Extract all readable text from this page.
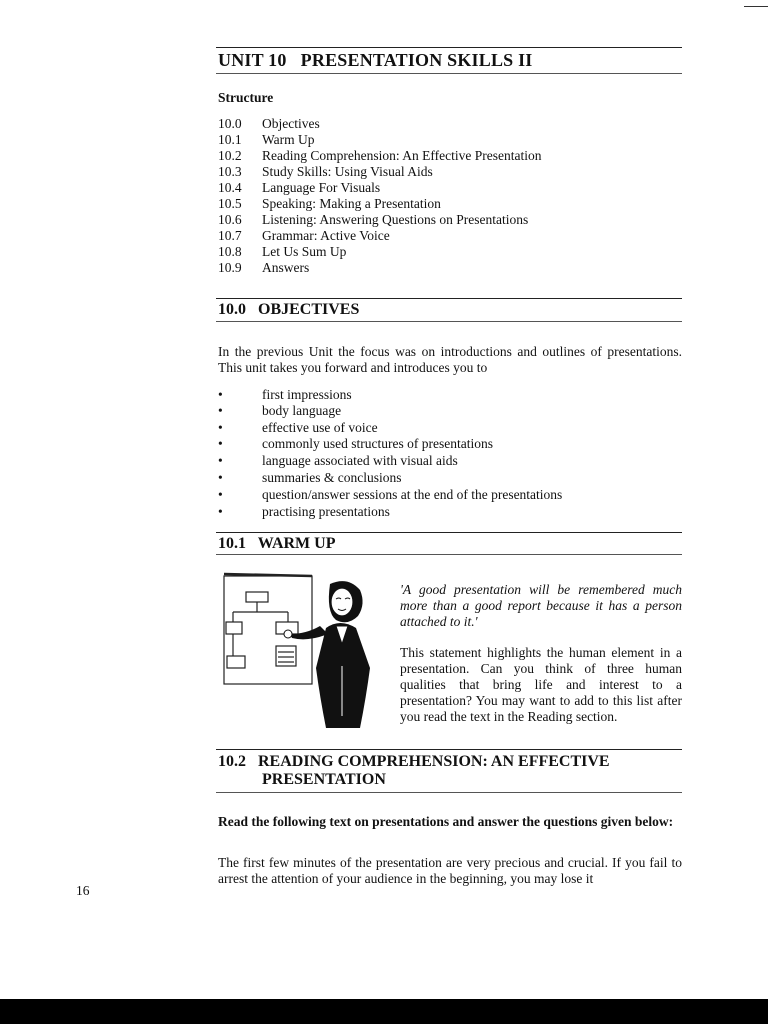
UNIT 10   PRESENTATION SKILLS II
Structure
10.0	Objectives
10.1	Warm Up
10.2	Reading Comprehension: An Effective Presentation
10.3	Study Skills: Using Visual Aids
10.4	Language For Visuals
10.5	Speaking: Making a Presentation
10.6	Listening: Answering Questions on Presentations
10.7	Grammar: Active Voice
10.8	Let Us Sum Up
10.9	Answers
10.0   OBJECTIVES
In the previous Unit the focus was on introductions and outlines of presentations. This unit takes you forward and introduces you to
•	first impressions
•	body language
•	effective use of voice
•	commonly used structures of presentations
•	language associated with visual aids
•	summaries & conclusions
•	question/answer sessions at the end of the presentations
•	practising presentations
10.1   WARM UP
'A good presentation will be remembered much more than a good report because it has a person attached to it.'
This statement highlights the human element in a presentation. Can you think of three human qualities that bring life and interest to a presentation? You may want to add to this list after you read the text in the Reading section.
10.2   READING COMPREHENSION: AN EFFECTIVE
PRESENTATION
Read the following text on presentations and answer the questions given below:
The first few minutes of the presentation are very precious and crucial. If you fail to arrest the attention of your audience in the beginning, you may lose it
16
